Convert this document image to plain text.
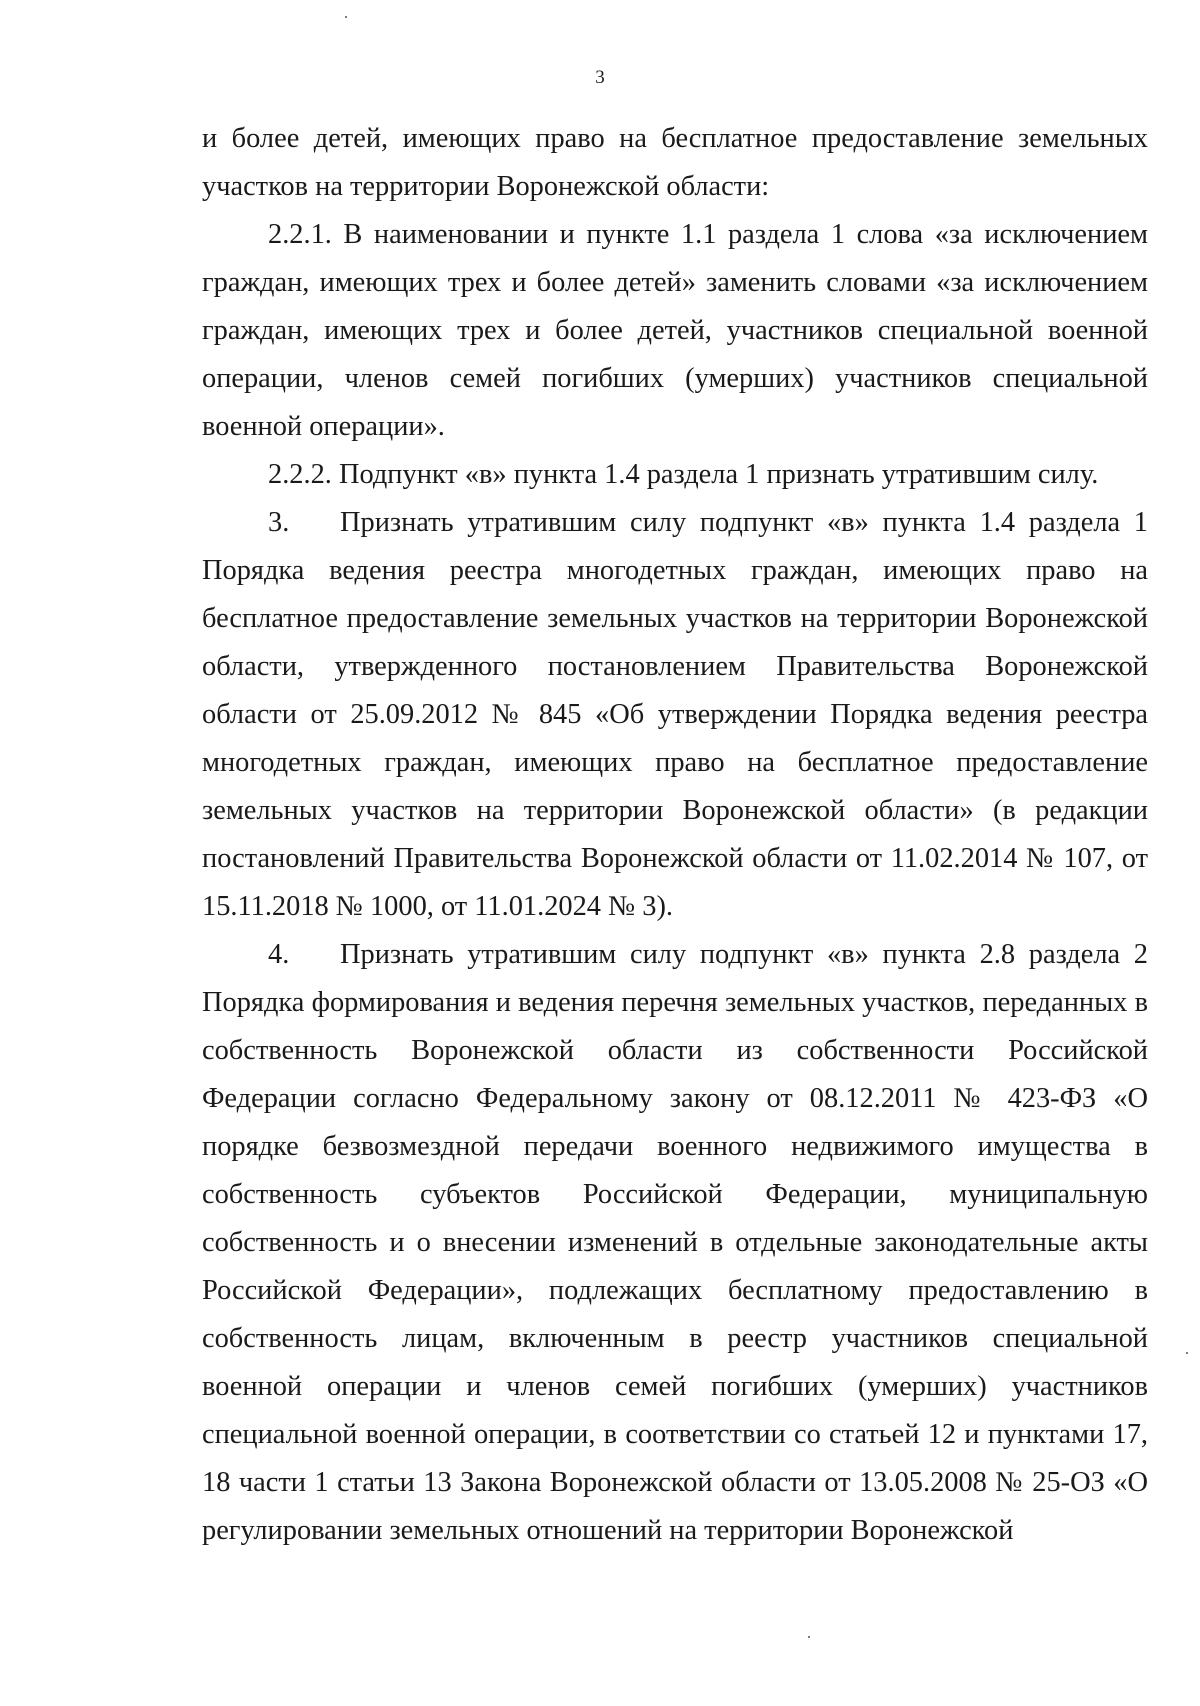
3

и более детей, имеющих право на бесплатное предоставление земельных участков на территории Воронежской области:

2.2.1. В наименовании и пункте 1.1 раздела 1 слова «за исключением граждан, имеющих трех и более детей» заменить словами «за исключением граждан, имеющих трех и более детей, участников специальной военной операции, членов семей погибших (умерших) участников специальной военной операции».

2.2.2. Подпункт «в» пункта 1.4 раздела 1 признать утратившим силу.

3. Признать утратившим силу подпункт «в» пункта 1.4 раздела 1 Порядка ведения реестра многодетных граждан, имеющих право на бесплатное предоставление земельных участков на территории Воронежской области, утвержденного постановлением Правительства Воронежской области от 25.09.2012 № 845 «Об утверждении Порядка ведения реестра многодетных граждан, имеющих право на бесплатное предоставление земельных участков на территории Воронежской области» (в редакции постановлений Правительства Воронежской области от 11.02.2014 № 107, от 15.11.2018 № 1000, от 11.01.2024 № 3).

4. Признать утратившим силу подпункт «в» пункта 2.8 раздела 2 Порядка формирования и ведения перечня земельных участков, переданных в собственность Воронежской области из собственности Российской Федерации согласно Федеральному закону от 08.12.2011 № 423-ФЗ «О порядке безвозмездной передачи военного недвижимого имущества в собственность субъектов Российской Федерации, муниципальную собственность и о внесении изменений в отдельные законодательные акты Российской Федерации», подлежащих бесплатному предоставлению в собственность лицам, включенным в реестр участников специальной военной операции и членов семей погибших (умерших) участников специальной военной операции, в соответствии со статьей 12 и пунктами 17, 18 части 1 статьи 13 Закона Воронежской области от 13.05.2008 № 25-ОЗ «О регулировании земельных отношений на территории Воронежской
